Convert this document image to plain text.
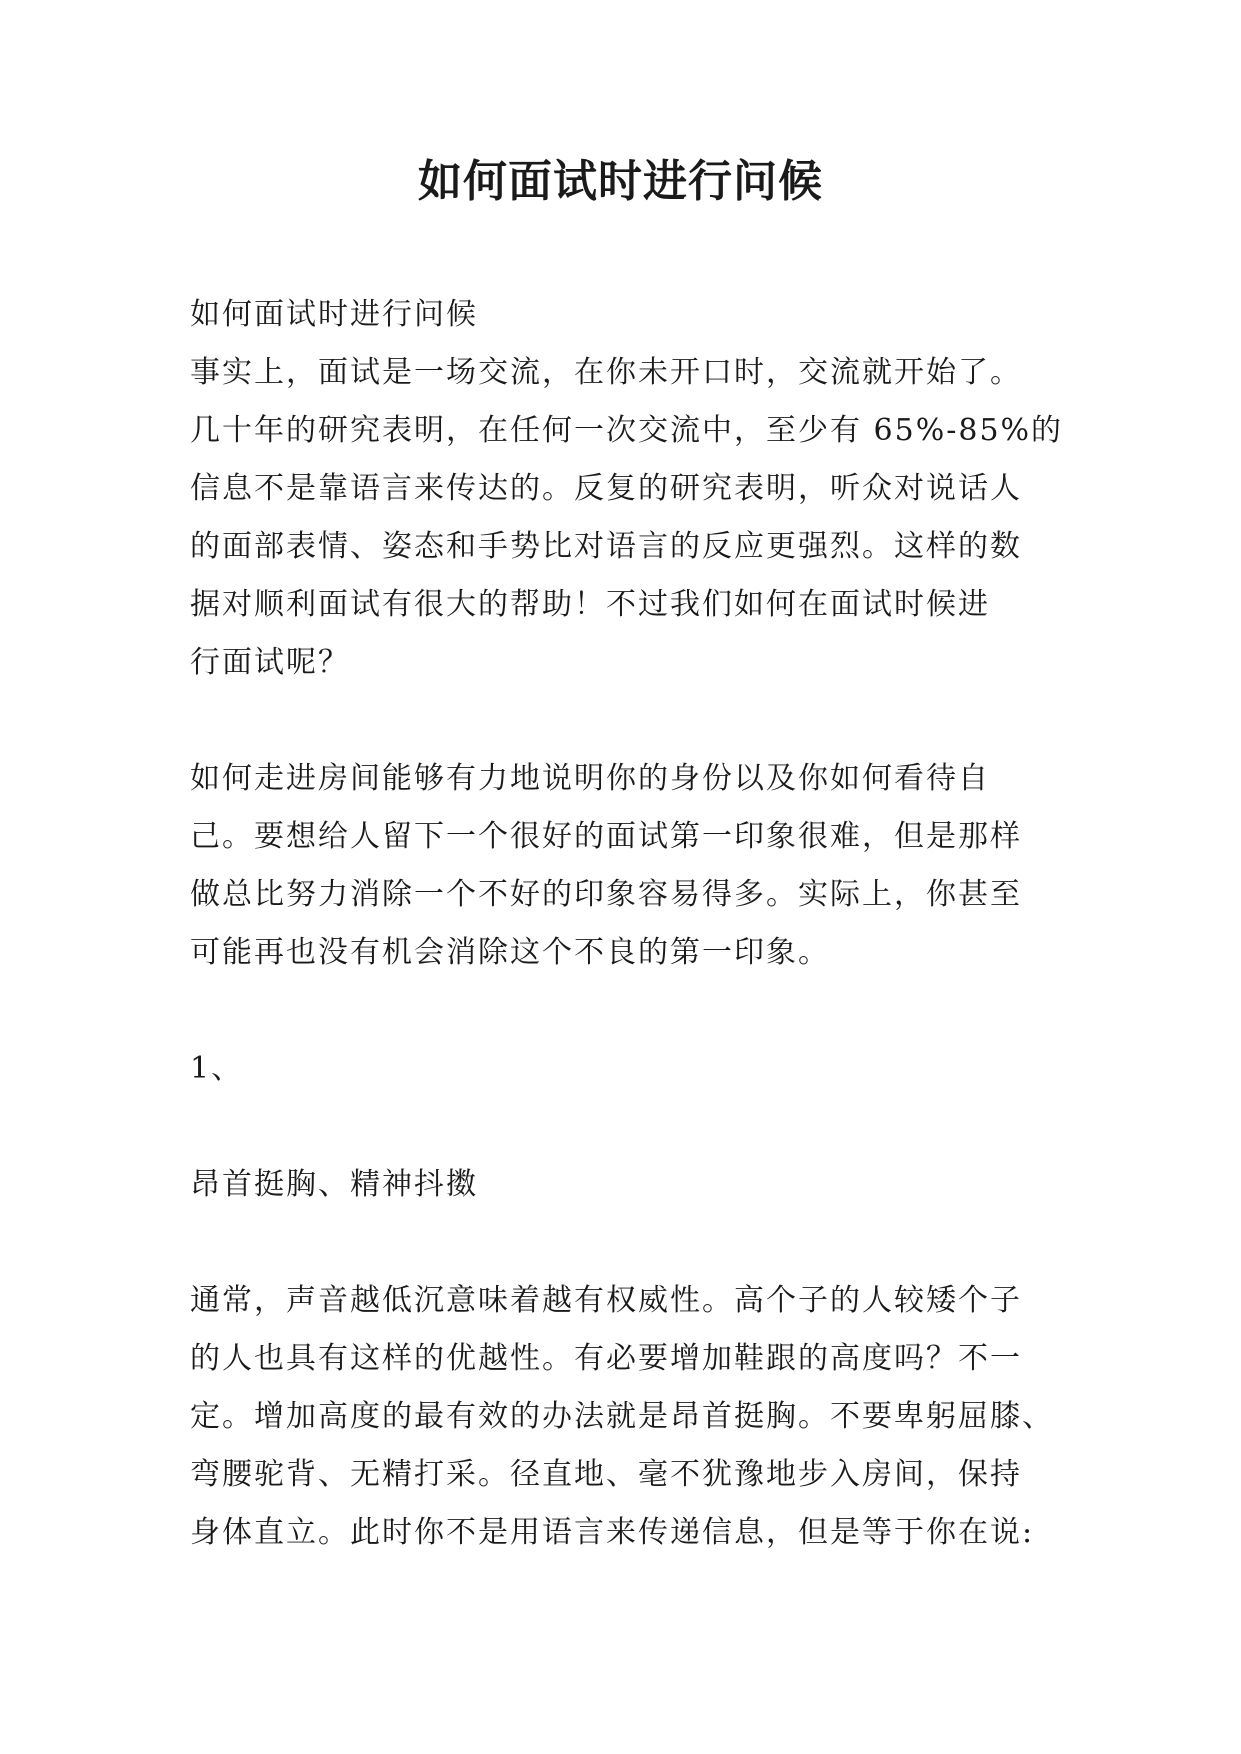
如何面试时进行问候

如何面试时进行问候

事实上，面试是一场交流，在你未开口时，交流就开始了。
几十年的研究表明，在任何一次交流中，至少有 65%-85%的
信息不是靠语言来传达的。反复的研究表明，听众对说话人
的面部表情、姿态和手势比对语言的反应更强烈。这样的数
据对顺利面试有很大的帮助！不过我们如何在面试时候进
行面试呢？

如何走进房间能够有力地说明你的身份以及你如何看待自
己。要想给人留下一个很好的面试第一印象很难，但是那样
做总比努力消除一个不好的印象容易得多。实际上，你甚至
可能再也没有机会消除这个不良的第一印象。

1、

昂首挺胸、精神抖擞

通常，声音越低沉意味着越有权威性。高个子的人较矮个子
的人也具有这样的优越性。有必要增加鞋跟的高度吗？不一
定。增加高度的最有效的办法就是昂首挺胸。不要卑躬屈膝、
弯腰驼背、无精打采。径直地、毫不犹豫地步入房间，保持
身体直立。此时你不是用语言来传递信息，但是等于你在说:
